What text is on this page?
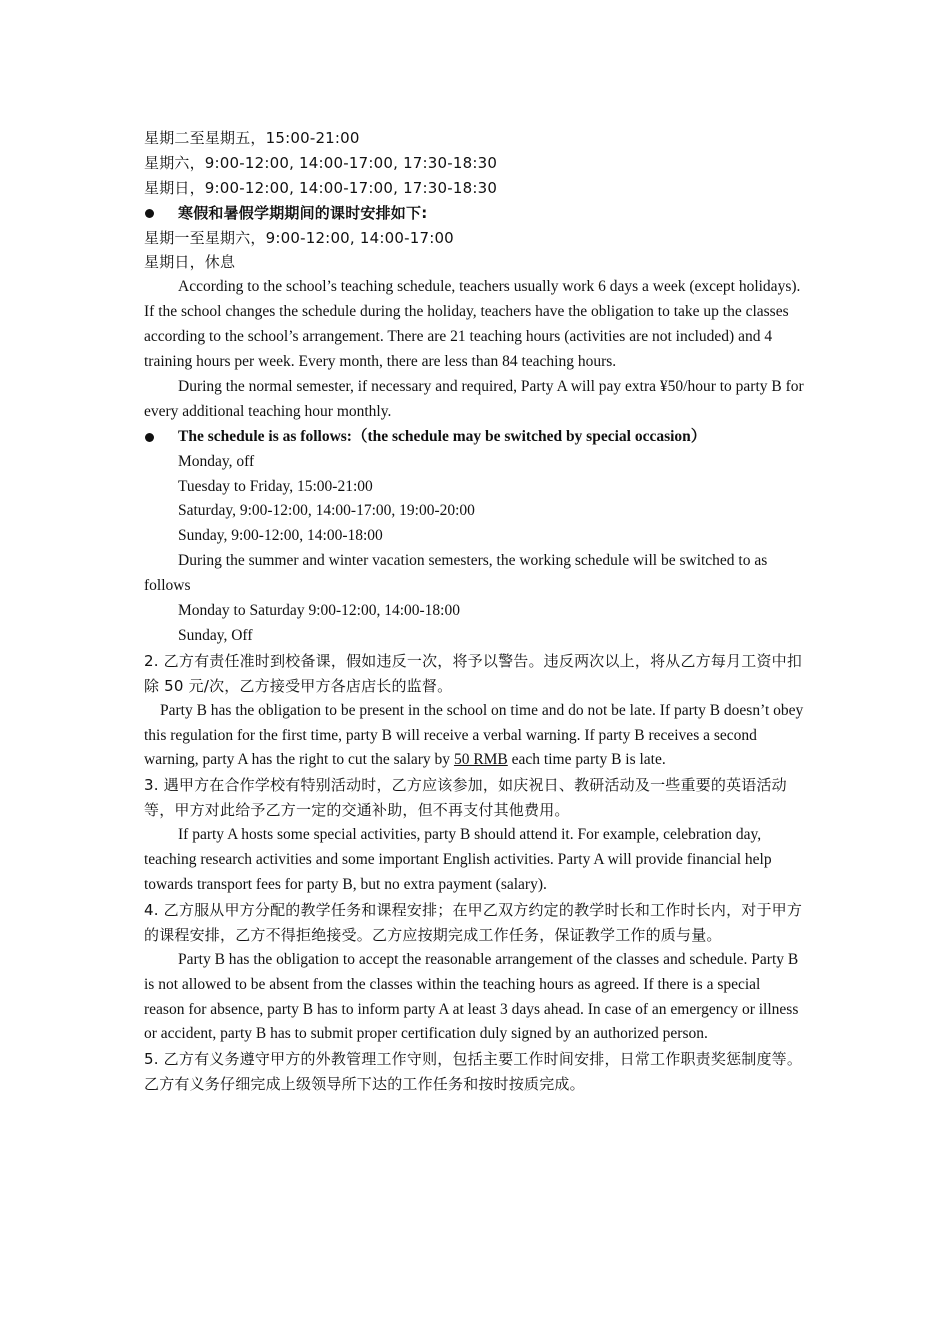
星期二至星期五，15:00-21:00
星期六，9:00-12:00, 14:00-17:00, 17:30-18:30
星期日，9:00-12:00, 14:00-17:00, 17:30-18:30
寒假和暑假学期期间的课时安排如下:
星期一至星期六，9:00-12:00, 14:00-17:00
星期日，休息

According to the school’s teaching schedule, teachers usually work 6 days a week (except holidays). If the school changes the schedule during the holiday, teachers have the obligation to take up the classes according to the school’s arrangement. There are 21 teaching hours (activities are not included) and 4 training hours per week. Every month, there are less than 84 teaching hours.

During the normal semester, if necessary and required, Party A will pay extra ¥50/hour to party B for every additional teaching hour monthly.

The schedule is as follows:（the schedule may be switched by special occasion）
Monday, off
Tuesday to Friday, 15:00-21:00
Saturday, 9:00-12:00, 14:00-17:00, 19:00-20:00
Sunday, 9:00-12:00, 14:00-18:00

During the summer and winter vacation semesters, the working schedule will be switched to as follows

Monday to Saturday 9:00-12:00, 14:00-18:00
Sunday, Off

2. 乙方有责任准时到校备课，假如违反一次，将予以警告。违反两次以上，将从乙方每月工资中扣除 50 元/次，乙方接受甲方各店店长的监督。

Party B has the obligation to be present in the school on time and do not be late. If party B doesn’t obey this regulation for the first time, party B will receive a verbal warning. If party B receives a second warning, party A has the right to cut the salary by 50 RMB each time party B is late.

3. 遇甲方在合作学校有特别活动时，乙方应该参加，如庆祝日、教研活动及一些重要的英语活动等，甲方对此给予乙方一定的交通补助，但不再支付其他费用。

If party A hosts some special activities, party B should attend it. For example, celebration day, teaching research activities and some important English activities. Party A will provide financial help towards transport fees for party B, but no extra payment (salary).

4. 乙方服从甲方分配的教学任务和课程安排；在甲乙双方约定的教学时长和工作时长内，对于甲方的课程安排，乙方不得拒绝接受。乙方应按期完成工作任务，保证教学工作的质与量。

Party B has the obligation to accept the reasonable arrangement of the classes and schedule. Party B is not allowed to be absent from the classes within the teaching hours as agreed. If there is a special reason for absence, party B has to inform party A at least 3 days ahead. In case of an emergency or illness or accident, party B has to submit proper certification duly signed by an authorized person.

5. 乙方有义务遵守甲方的外教管理工作守则，包括主要工作时间安排，日常工作职责奖惩制度等。乙方有义务仔细完成上级领导所下达的工作任务和按时按质完成。
